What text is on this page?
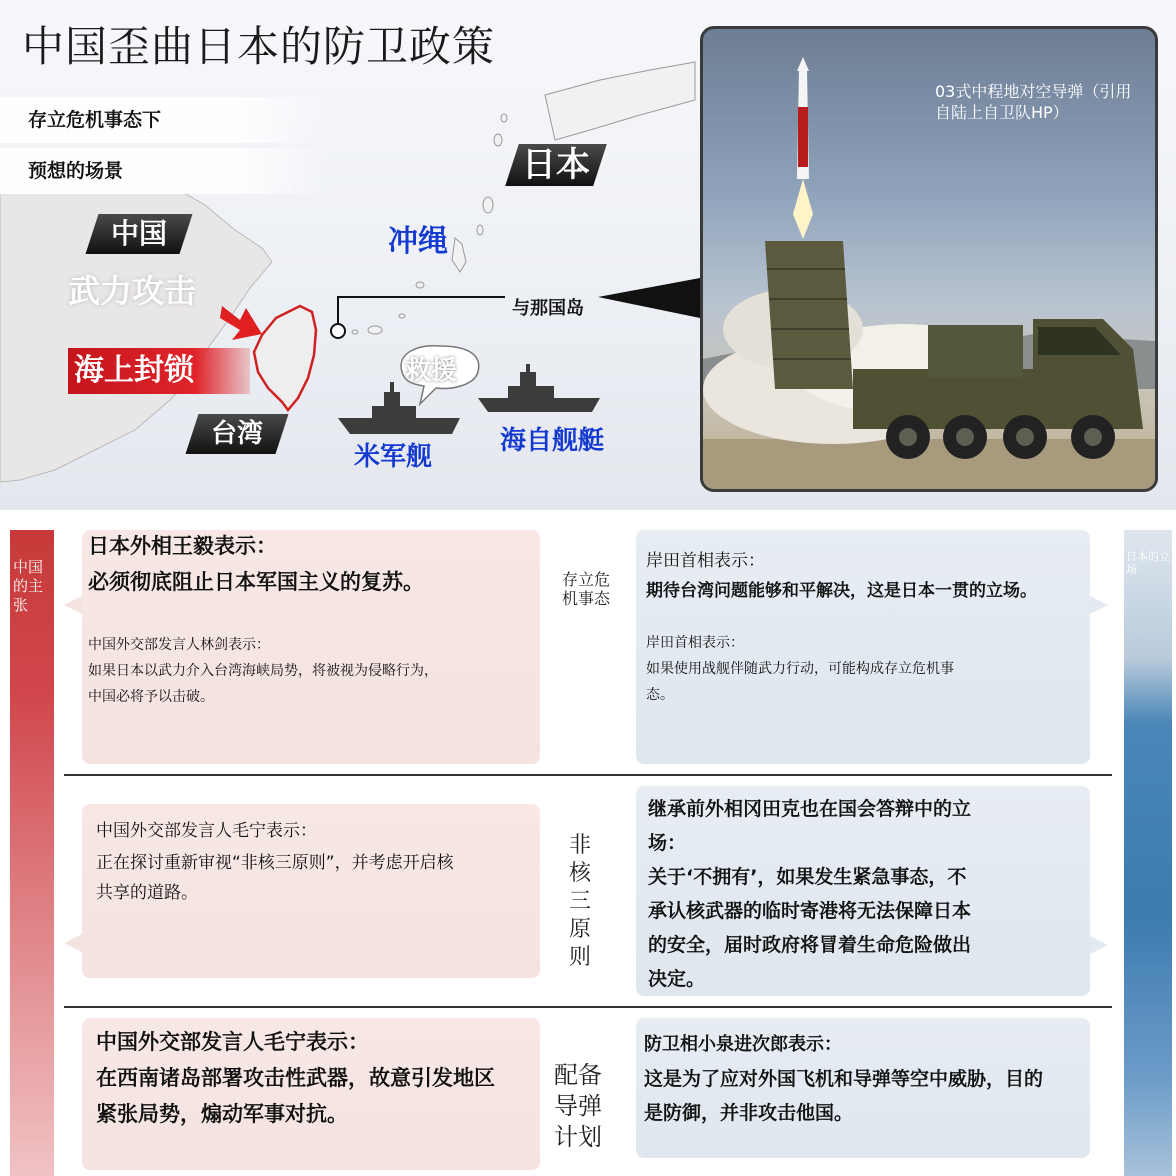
中国歪曲日本的防卫政策
存立危机事态下
预想的场景
中国
武力攻击
海上封锁
台湾
冲绳
日本
与那国岛
救援
米军舰
海自舰艇
03式中程地对空导弹（引用自陆上自卫队HP）
中国的主张
日本的立场
日本外相王毅表示：
必须彻底阻止日本军国主义的复苏。
中国外交部发言人林剑表示：
如果日本以武力介入台湾海峡局势，将被视为侵略行为，
中国必将予以击破。
存立危机事态
岸田首相表示：
期待台湾问题能够和平解决，这是日本一贯的立场。
岸田首相表示：
如果使用战舰伴随武力行动，可能构成存立危机事
态。
中国外交部发言人毛宁表示：
正在探讨重新审视“非核三原则”，并考虑开启核
共享的道路。
非核三原则
继承前外相冈田克也在国会答辩中的立
场：
关于‘不拥有’，如果发生紧急事态，不
承认核武器的临时寄港将无法保障日本
的安全，届时政府将冒着生命危险做出
决定。
中国外交部发言人毛宁表示：
在西南诸岛部署攻击性武器，故意引发地区
紧张局势，煽动军事对抗。
配备导弹计划
防卫相小泉进次郎表示：
这是为了应对外国飞机和导弹等空中威胁，目的
是防御，并非攻击他国。
